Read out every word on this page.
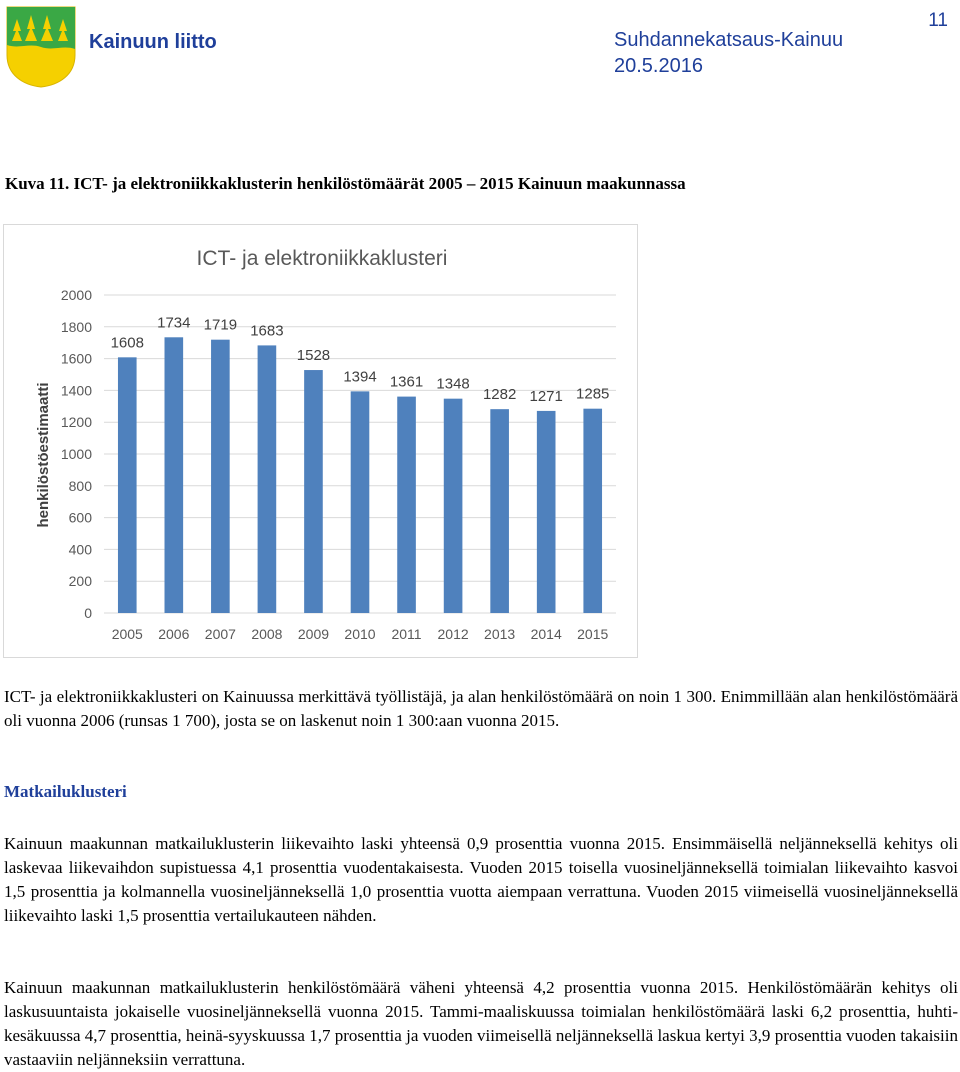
Kainuun liitto	Suhdannekatsaus-Kainuu
20.5.2016
11
Kuva 11. ICT- ja elektroniikkaklusterin henkilöstömäärät 2005 – 2015 Kainuun maakunnassa
ICT- ja elektroniikkaklusteri
henkilöstöestimaatti
0
200
400
600
800
1000
1200
1400
1600
1800
2000
1608
2005
1734
2006
1719
2007
1683
2008
1528
2009
1394
2010
1361
2011
1348
2012
1282
2013
1271
2014
1285
2015

ICT- ja elektroniikkaklusteri on Kainuussa merkittävä työllistäjä, ja alan henkilöstömäärä on noin 1 300. Enimmillään alan henkilöstömäärä oli vuonna 2006 (runsas 1 700), josta se on laskenut noin 1 300:aan vuonna 2015.

Matkailuklusteri

Kainuun maakunnan matkailuklusterin liikevaihto laski yhteensä 0,9 prosenttia vuonna 2015. Ensimmäisellä neljänneksellä kehitys oli laskevaa liikevaihdon supistuessa 4,1 prosenttia vuodentakaisesta. Vuoden 2015 toisella vuosineljänneksellä toimialan liikevaihto kasvoi 1,5 prosenttia ja kolmannella vuosineljänneksellä 1,0 prosenttia vuotta aiempaan verrattuna. Vuoden 2015 viimeisellä vuosineljänneksellä liikevaihto laski 1,5 prosenttia vertailukauteen nähden.

Kainuun maakunnan matkailuklusterin henkilöstömäärä väheni yhteensä 4,2 prosenttia vuonna 2015. Henkilöstömäärän kehitys oli laskusuuntaista jokaiselle vuosineljänneksellä vuonna 2015. Tammi-maaliskuussa toimialan henkilöstömäärä laski 6,2 prosenttia, huhti-kesäkuussa 4,7 prosenttia, heinä-syyskuussa 1,7 prosenttia ja vuoden viimeisellä neljänneksellä laskua kertyi 3,9 prosenttia vuoden takaisiin vastaaviin neljänneksiin verrattuna.
